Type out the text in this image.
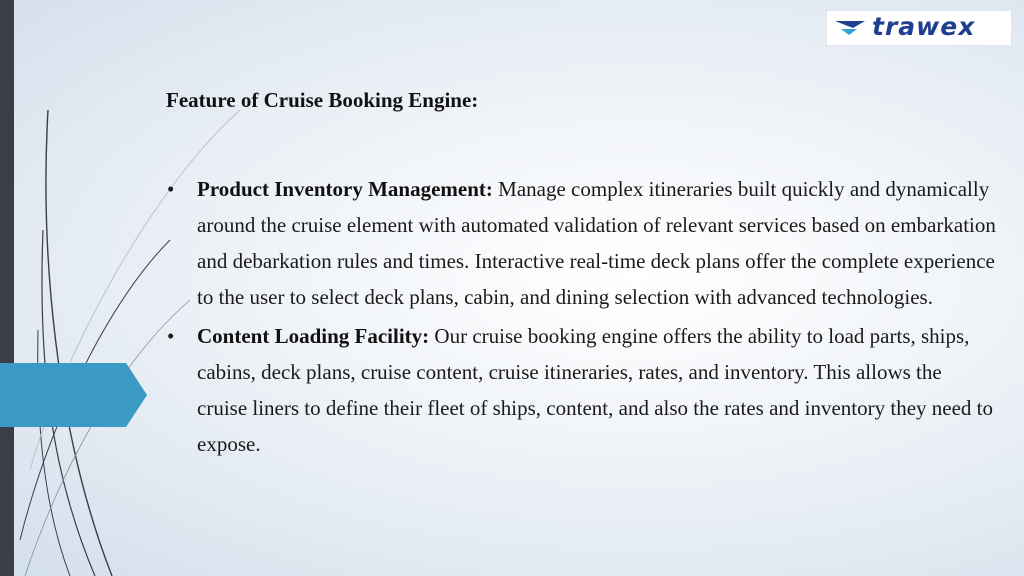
trawex
Feature of Cruise Booking Engine:
• Product Inventory Management: Manage complex itineraries built quickly and dynamically around the cruise element with automated validation of relevant services based on embarkation and debarkation rules and times. Interactive real-time deck plans offer the complete experience to the user to select deck plans, cabin, and dining selection with advanced technologies.
• Content Loading Facility: Our cruise booking engine offers the ability to load parts, ships, cabins, deck plans, cruise content, cruise itineraries, rates, and inventory. This allows the cruise liners to define their fleet of ships, content, and also the rates and inventory they need to expose.
